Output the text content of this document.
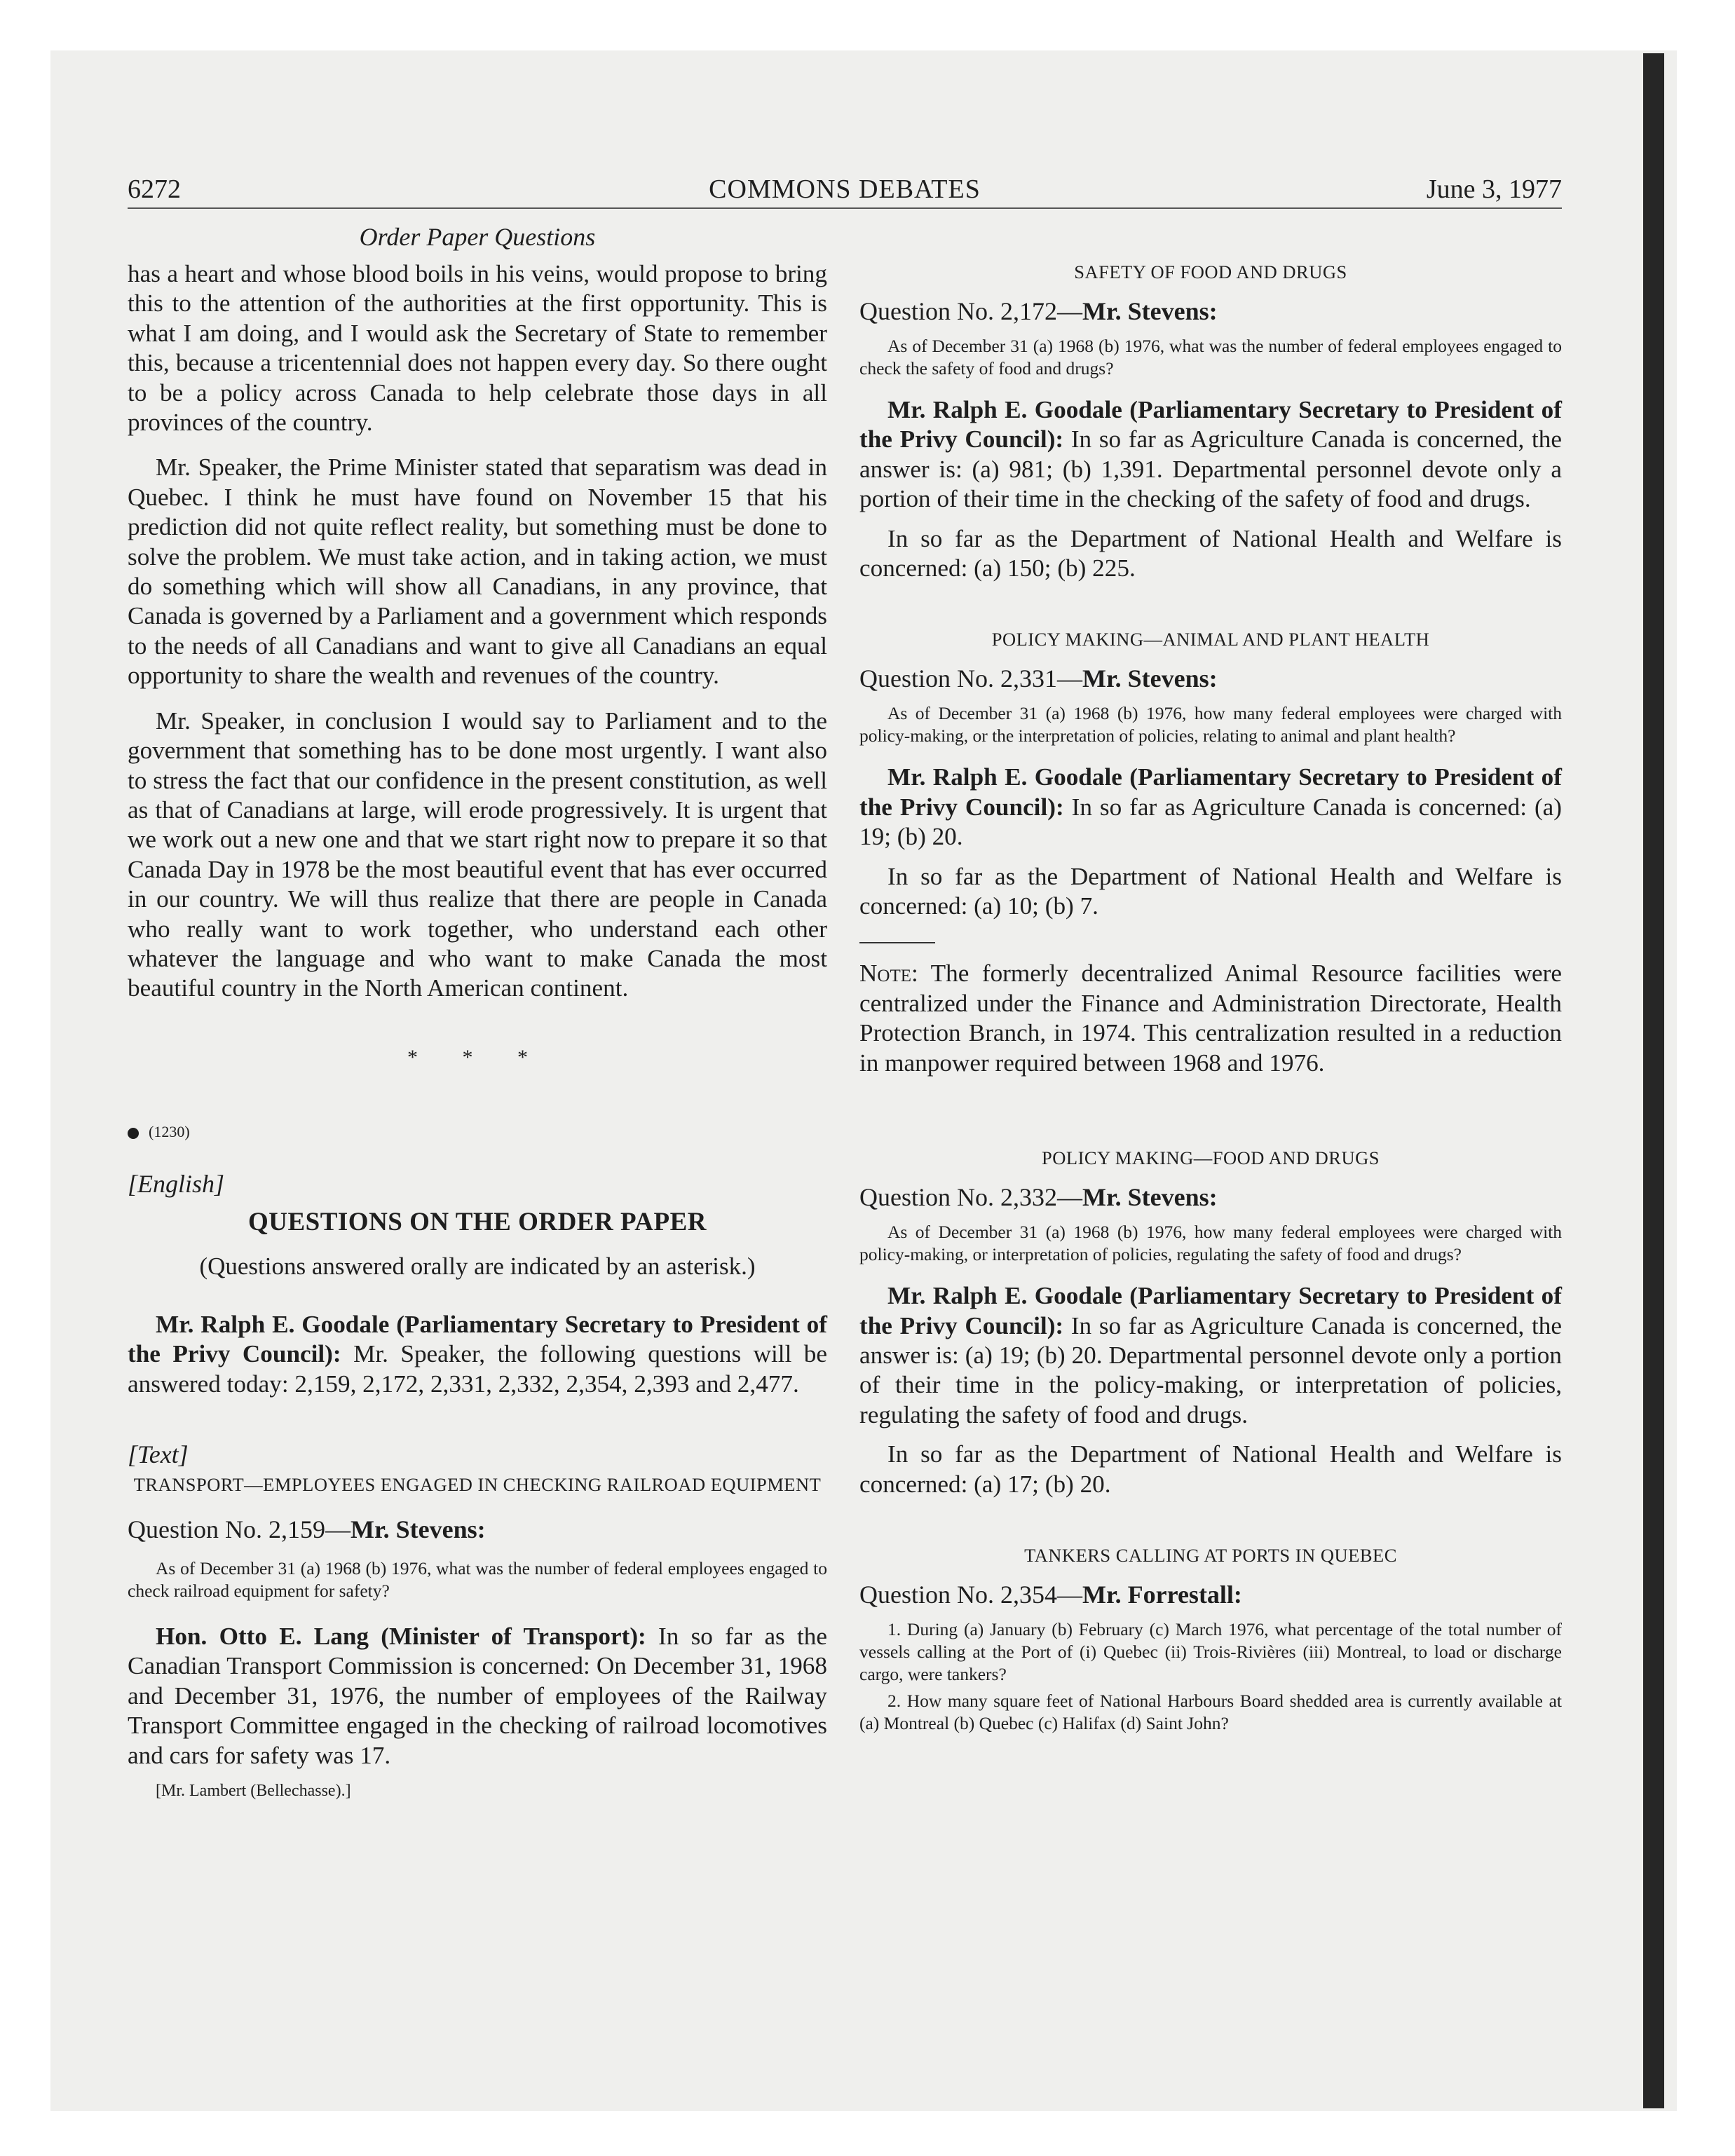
6272	COMMONS DEBATES	June 3, 1977
Order Paper Questions

has a heart and whose blood boils in his veins, would propose to bring this to the attention of the authorities at the first opportunity. This is what I am doing, and I would ask the Secretary of State to remember this, because a tricentennial does not happen every day. So there ought to be a policy across Canada to help celebrate those days in all provinces of the country.

Mr. Speaker, the Prime Minister stated that separatism was dead in Quebec. I think he must have found on November 15 that his prediction did not quite reflect reality, but something must be done to solve the problem. We must take action, and in taking action, we must do something which will show all Canadians, in any province, that Canada is governed by a Parliament and a government which responds to the needs of all Canadians and want to give all Canadians an equal opportunity to share the wealth and revenues of the country.

Mr. Speaker, in conclusion I would say to Parliament and to the government that something has to be done most urgently. I want also to stress the fact that our confidence in the present constitution, as well as that of Canadians at large, will erode progressively. It is urgent that we work out a new one and that we start right now to prepare it so that Canada Day in 1978 be the most beautiful event that has ever occurred in our country. We will thus realize that there are people in Canada who really want to work together, who understand each other whatever the language and who want to make Canada the most beautiful country in the North American continent.

* * *
(1230)
[English]
QUESTIONS ON THE ORDER PAPER
(Questions answered orally are indicated by an asterisk.)

Mr. Ralph E. Goodale (Parliamentary Secretary to President of the Privy Council): Mr. Speaker, the following questions will be answered today: 2,159, 2,172, 2,331, 2,332, 2,354, 2,393 and 2,477.

[Text]
TRANSPORT—EMPLOYEES ENGAGED IN CHECKING RAILROAD EQUIPMENT
Question No. 2,159—Mr. Stevens:

As of December 31 (a) 1968 (b) 1976, what was the number of federal employees engaged to check railroad equipment for safety?

Hon. Otto E. Lang (Minister of Transport): In so far as the Canadian Transport Commission is concerned: On December 31, 1968 and December 31, 1976, the number of employees of the Railway Transport Committee engaged in the checking of railroad locomotives and cars for safety was 17.

[Mr. Lambert (Bellechasse).]
SAFETY OF FOOD AND DRUGS
Question No. 2,172—Mr. Stevens:

As of December 31 (a) 1968 (b) 1976, what was the number of federal employees engaged to check the safety of food and drugs?

Mr. Ralph E. Goodale (Parliamentary Secretary to President of the Privy Council): In so far as Agriculture Canada is concerned, the answer is: (a) 981; (b) 1,391. Departmental personnel devote only a portion of their time in the checking of the safety of food and drugs.

In so far as the Department of National Health and Welfare is concerned: (a) 150; (b) 225.

POLICY MAKING—ANIMAL AND PLANT HEALTH
Question No. 2,331—Mr. Stevens:

As of December 31 (a) 1968 (b) 1976, how many federal employees were charged with policy-making, or the interpretation of policies, relating to animal and plant health?

Mr. Ralph E. Goodale (Parliamentary Secretary to President of the Privy Council): In so far as Agriculture Canada is concerned: (a) 19; (b) 20.

In so far as the Department of National Health and Welfare is concerned: (a) 10; (b) 7.

Note: The formerly decentralized Animal Resource facilities were centralized under the Finance and Administration Directorate, Health Protection Branch, in 1974. This centralization resulted in a reduction in manpower required between 1968 and 1976.

POLICY MAKING—FOOD AND DRUGS
Question No. 2,332—Mr. Stevens:

As of December 31 (a) 1968 (b) 1976, how many federal employees were charged with policy-making, or interpretation of policies, regulating the safety of food and drugs?

Mr. Ralph E. Goodale (Parliamentary Secretary to President of the Privy Council): In so far as Agriculture Canada is concerned, the answer is: (a) 19; (b) 20. Departmental personnel devote only a portion of their time in the policy-making, or interpretation of policies, regulating the safety of food and drugs.

In so far as the Department of National Health and Welfare is concerned: (a) 17; (b) 20.

TANKERS CALLING AT PORTS IN QUEBEC
Question No. 2,354—Mr. Forrestall:

1. During (a) January (b) February (c) March 1976, what percentage of the total number of vessels calling at the Port of (i) Quebec (ii) Trois-Rivières (iii) Montreal, to load or discharge cargo, were tankers?

2. How many square feet of National Harbours Board shedded area is currently available at (a) Montreal (b) Quebec (c) Halifax (d) Saint John?
